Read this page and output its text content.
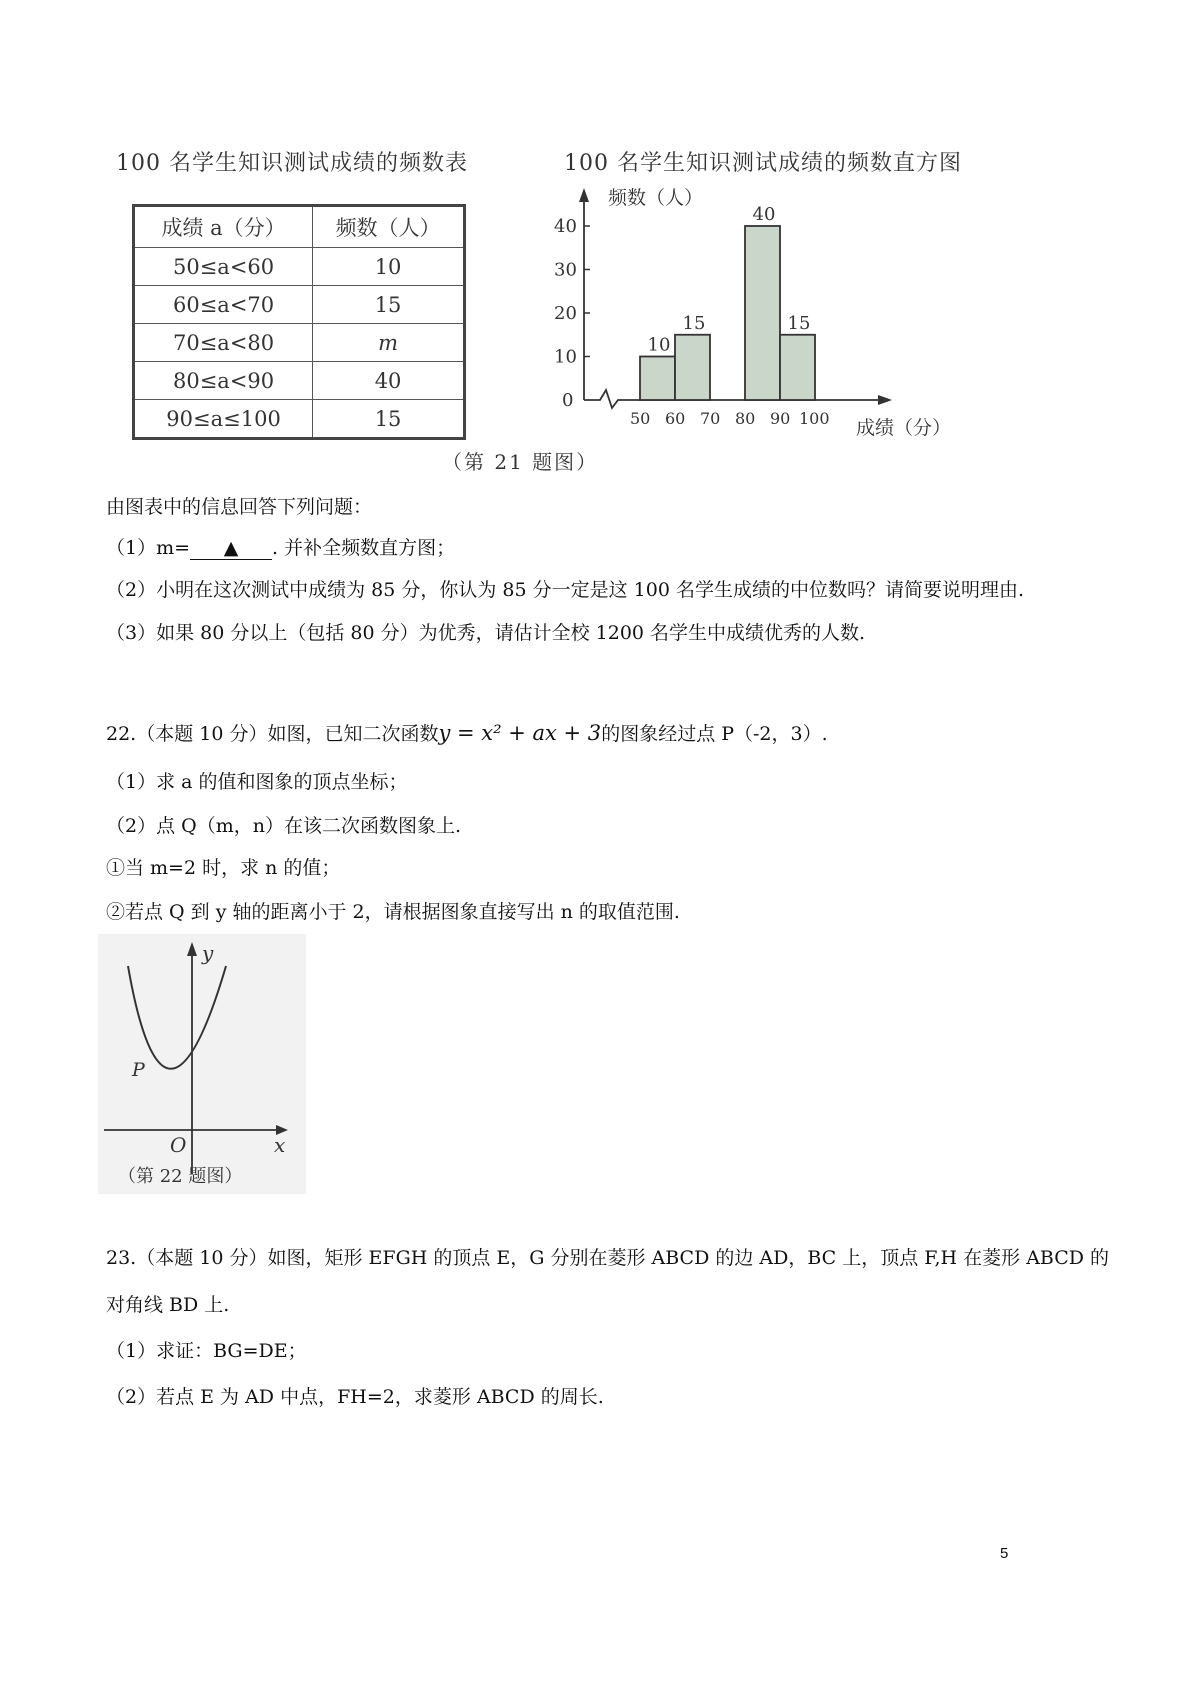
100 名学生知识测试成绩的频数表
成绩 a（分）	频数（人）
50≤a<60	10
60≤a<70	15
70≤a<80	m
80≤a<90	40
90≤a≤100	15
100 名学生知识测试成绩的频数直方图
0
10
20
30
40
50 60 70 80 90 100
10
15
40
15
频数（人）
成绩（分）
（第 21 题图）
由图表中的信息回答下列问题：
（1）m= ▲ . 并补全频数直方图；
（2）小明在这次测试中成绩为 85 分，你认为 85 分一定是这 100 名学生成绩的中位数吗？请简要说明理由.
（3）如果 80 分以上（包括 80 分）为优秀，请估计全校 1200 名学生中成绩优秀的人数.
22.（本题 10 分）如图，已知二次函数y = x² + ax + 3的图象经过点 P（-2，3）.
（1）求 a 的值和图象的顶点坐标；
（2）点 Q（m，n）在该二次函数图象上.
①当 m=2 时，求 n 的值；
②若点 Q 到 y 轴的距离小于 2，请根据图象直接写出 n 的取值范围.
y
x
O
P
（第 22 题图）
23.（本题 10 分）如图，矩形 EFGH 的顶点 E，G 分别在菱形 ABCD 的边 AD，BC 上，顶点 F,H 在菱形 ABCD 的
对角线 BD 上.
（1）求证：BG=DE；
（2）若点 E 为 AD 中点，FH=2，求菱形 ABCD 的周长.
5
